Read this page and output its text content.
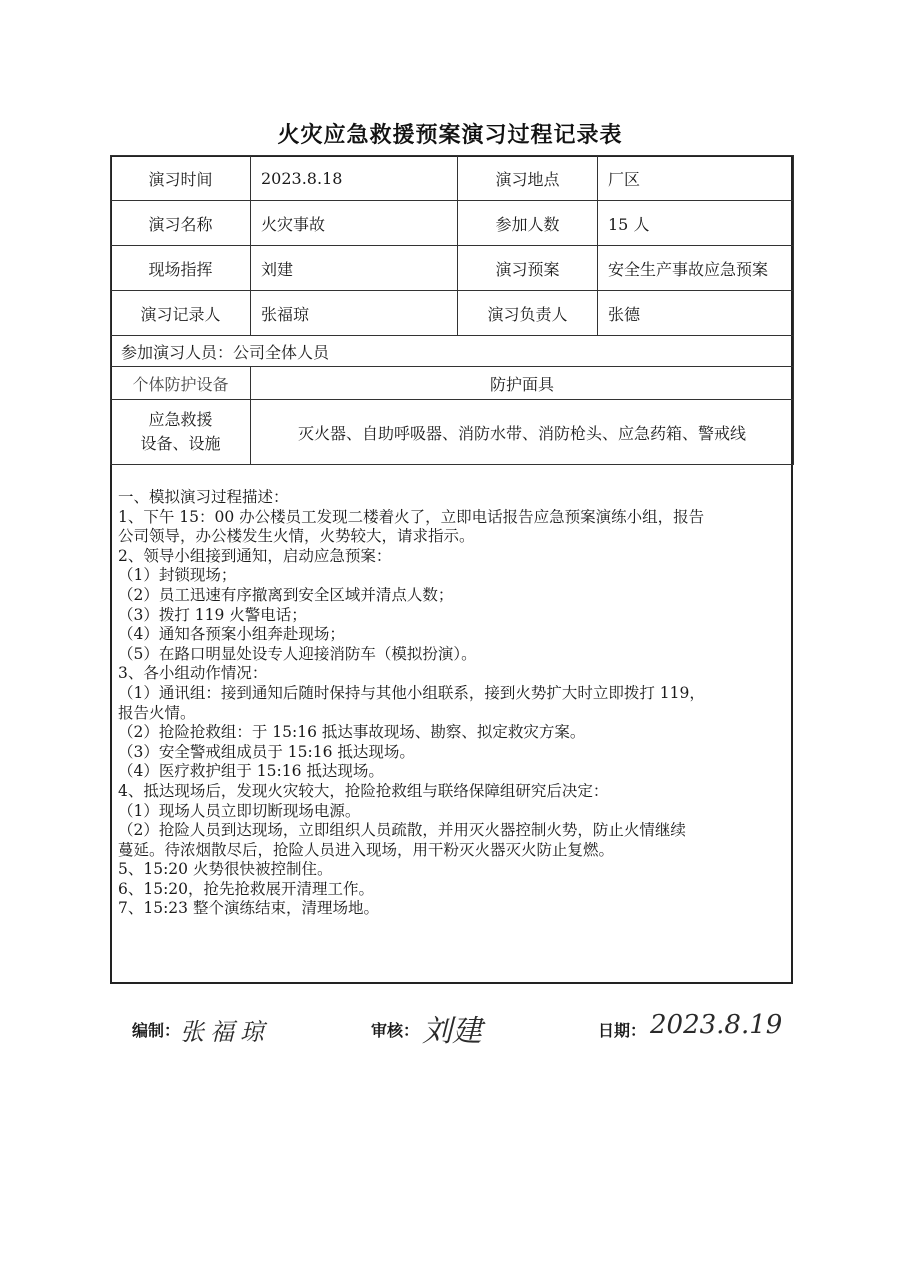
火灾应急救援预案演习过程记录表
演习时间	2023.8.18	演习地点	厂区
演习名称	火灾事故	参加人数	15 人
现场指挥	刘建	演习预案	安全生产事故应急预案
演习记录人	张福琼	演习负责人	张德
参加演习人员：公司全体人员			
个体防护设备	防护面具		
应急救援
设备、设施	灭火器、自助呼吸器、消防水带、消防枪头、应急药箱、警戒线		
一、模拟演习过程描述：
1、下午 15：00 办公楼员工发现二楼着火了，立即电话报告应急预案演练小组，报告
公司领导，办公楼发生火情，火势较大，请求指示。
2、领导小组接到通知，启动应急预案：
（1）封锁现场；
（2）员工迅速有序撤离到安全区域并清点人数；
（3）拨打 119 火警电话；
（4）通知各预案小组奔赴现场；
（5）在路口明显处设专人迎接消防车（模拟扮演）。
3、各小组动作情况：
（1）通讯组：接到通知后随时保持与其他小组联系，接到火势扩大时立即拨打 119，
报告火情。
（2）抢险抢救组：于 15:16 抵达事故现场、勘察、拟定救灾方案。
（3）安全警戒组成员于 15:16 抵达现场。
（4）医疗救护组于 15:16 抵达现场。
4、抵达现场后，发现火灾较大，抢险抢救组与联络保障组研究后决定：
（1）现场人员立即切断现场电源。
（2）抢险人员到达现场，立即组织人员疏散，并用灭火器控制火势，防止火情继续
蔓延。待浓烟散尽后，抢险人员进入现场，用干粉灭火器灭火防止复燃。
5、15:20 火势很快被控制住。
6、15:20，抢先抢救展开清理工作。
7、15:23 整个演练结束，清理场地。
编制： 张福琼	审核： 刘建	日期： 2023.8.19
